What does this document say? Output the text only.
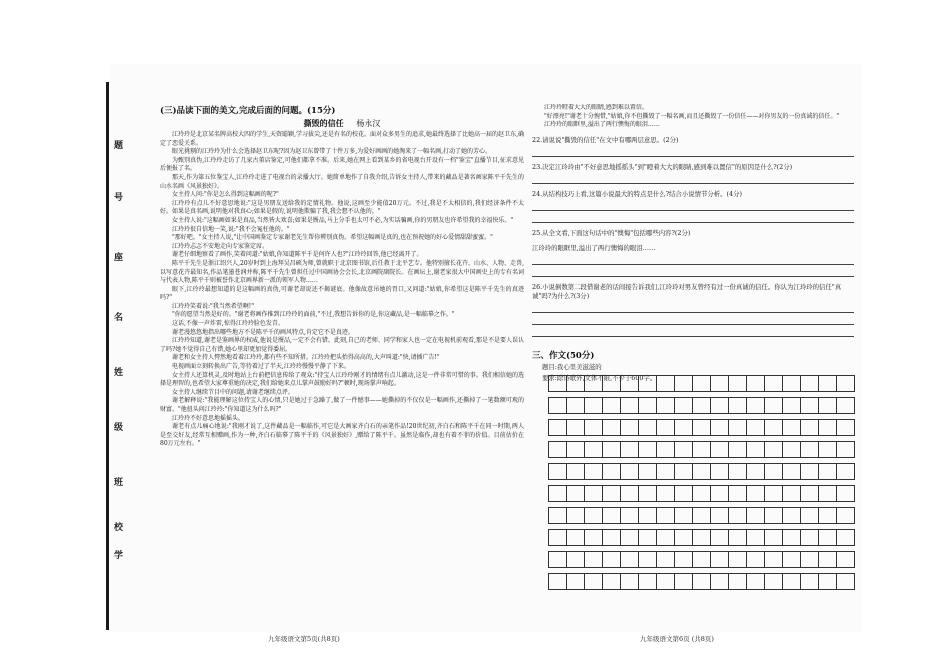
题
号
座
名
姓
级
班
校
学
(三)品读下面的美文,完成后面的问题。(15分)
撕毁的信任 杨永汉

江玲玲是北京某名牌高校大四的学生,天资聪颖,学习拔尖,还是有名的校花。面对众多男生的追求,她最终选择了比她高一届的赵卫东,确定了恋爱关系。

眼光挑剔的江玲玲为什么会选择赵卫东呢?因为赵卫东曾带了十件万多,为爱好画画的她淘来了一幅名画,打动了她的芳心。

为甄别真伪,江玲玲走访了几家古董店鉴定,可他们都拿不准。后来,她在网上看到某乡的省电视台开设有一档"鉴宝"直播节目,征求意见后便报了名。

那天,作为第五位鉴宝人,江玲玲走进了电视台的录播大厅。她简单地作了自我介绍,告诉女主持人,带来的藏品是著名画家陈平千先生的山水名画《风景独好》。

女主持人问:"你是怎么得到这幅画的呢?"

江玲玲有点儿不好意思地说:"这是男朋友送给我的定情礼物。他说,这画至少能值20万元。不过,我是不太相信的,我们经济条件不太好。如果是真名画,说明他对我真心;如果是假的,说明他欺骗了我,我会想不认他的。"

女主持人说:"这幅画如果是真品,当然皆大欢喜;如果是赝品,马上分手也太可不必,为实话骗画,你的男朋友也许希望我的幸福快乐。"

江玲玲很自信地一笑,说:"我不会冤枉他的。"

"那好吧。"女主持人说,"让中国画鉴定专家谢老先生帮你辨别真伪。希望这幅画是真的,也在预祝她的好心爱情甜甜蜜蜜。"

江玲玲忐忑不安地走向专家鉴定席。

谢老仔细地察看了画作,笑着问道:"姑娘,你知道陈平千是何许人也?"江玲玲回答,他已经离开了。

陈平千先生是浙江绍兴人,20岁时到上海拜吴昌硕为师,曾就职于北京图书馆,后任教于北平艺专。他特别擅长花卉、山水、人物、走兽,以写意花卉最知名,作品笔墨苍润并称,陈平千先生曾担任过中国画协会会长,北京画院副院长。在画坛上,谢老家很大中国画史上的专有名词与代表人物,陈平千则被誉作北京画界新一派的领军人物……

眼下,江玲玲最想知道的是这幅画的真伪,可谢老却说还不揭谜底。他像故意吊她的胃口,又问道:"姑娘,你希望这是陈平千先生的真迹吗?"

江玲玲笑着说:"我当然希望啊!"

"你的愿望当然是好的。"谢老将画作推到江玲玲的面前,"不过,我想告诉你的是,你这藏品,是一幅临摹之作。"

这话,不像一声炸雷,惊得江玲玲脸色发青。

谢老漫悠悠地指出哪些地方不是陈平千的画风特点,肯定它不是真迹。

江玲玲知道,谢老是鉴画界的权威,他说是赝品,一定不会有错。此刻,自己的老师、同学和家人也一定在电视机前观看,那是不是要人误认了吗?她不觉得自己有错,她心里却更加觉得委屈。

谢老和女主持人愕然地看着江玲玲,都有些不知所措。江玲玲把头抬得高高的,大声叫道:"快,请插广告!"

电视画面立刻转换出广告,等待着过了半天,江玲玲慢慢平静了下来。

女主持人还算机灵,及时地站上台前把信息传给了观众:"持宝人江玲玲刚才的情绪有点儿激动,这是一件非常可惜的事。我们相信她的选择是理智的,也希望大家尊重她的决定,我们给她来点儿掌声鼓励好吗?"顿时,现场掌声响起。

女主持人继续节目中的问题,请谢老继续点评。

谢老解释说:"我能理解这位持宝人的心情,只是她过于急躁了,做了一件憾事——她撕掉的不仅仅是一幅画作,还撕掉了一笔数额可观的财富。"他扭头问江玲玲:"你知道这为什么吗?"

江玲玲不好意思地摇摇头。

谢老有点儿痛心地说:"我刚才说了,这件藏品是一幅临作,可它是大画家齐白石的亲笔作品!20世纪初,齐白石和陈平千在同一时期,两人是至交好友,经常互相赠画,作为一种,齐白石临摹了陈平千的《风景独好》,赠给了陈平千。虽然是临作,却也有着不菲的价值。目前估价在80万元左右。"

江玲玲瞪着大大的眼睛,感到难以置信。

"好漂亮!"谢老十分惋惜,"姑娘,你不但撕毁了一幅名画,而且还撕毁了一份信任——对你男友的一份真诚的信任。"

江玲玲的眼眶里,溢出了两行懊悔的眼泪……

22.请说说"撕毁的信任"在文中有哪两层意思。(2分)
23.决定江玲玲由"不好意思地摇摇头"到"瞪着大大的眼睛,感到难以置信"的原因是什么?(2分)
24.从结构技巧上看,这篇小说最大的特点是什么?结合小说情节分析。(4分)
25.从全文看,下面这句话中的"懊悔"包括哪些内容?(2分)
江玲玲的眼眶里,溢出了两行懊悔的眼泪……
26.小说倒数第二段借谢老的话间接告诉我们,江玲玲对男友曾经有过一份真诚的信任。你认为江玲玲的信任"真诚"吗?为什么?(3分)
三、作文(50分)
题目:我心里美滋滋的
要求:除诗歌外,文体不限,不少于600字。

九年级语文第5页(共8页)	九年级语文第6页 (共8页)
